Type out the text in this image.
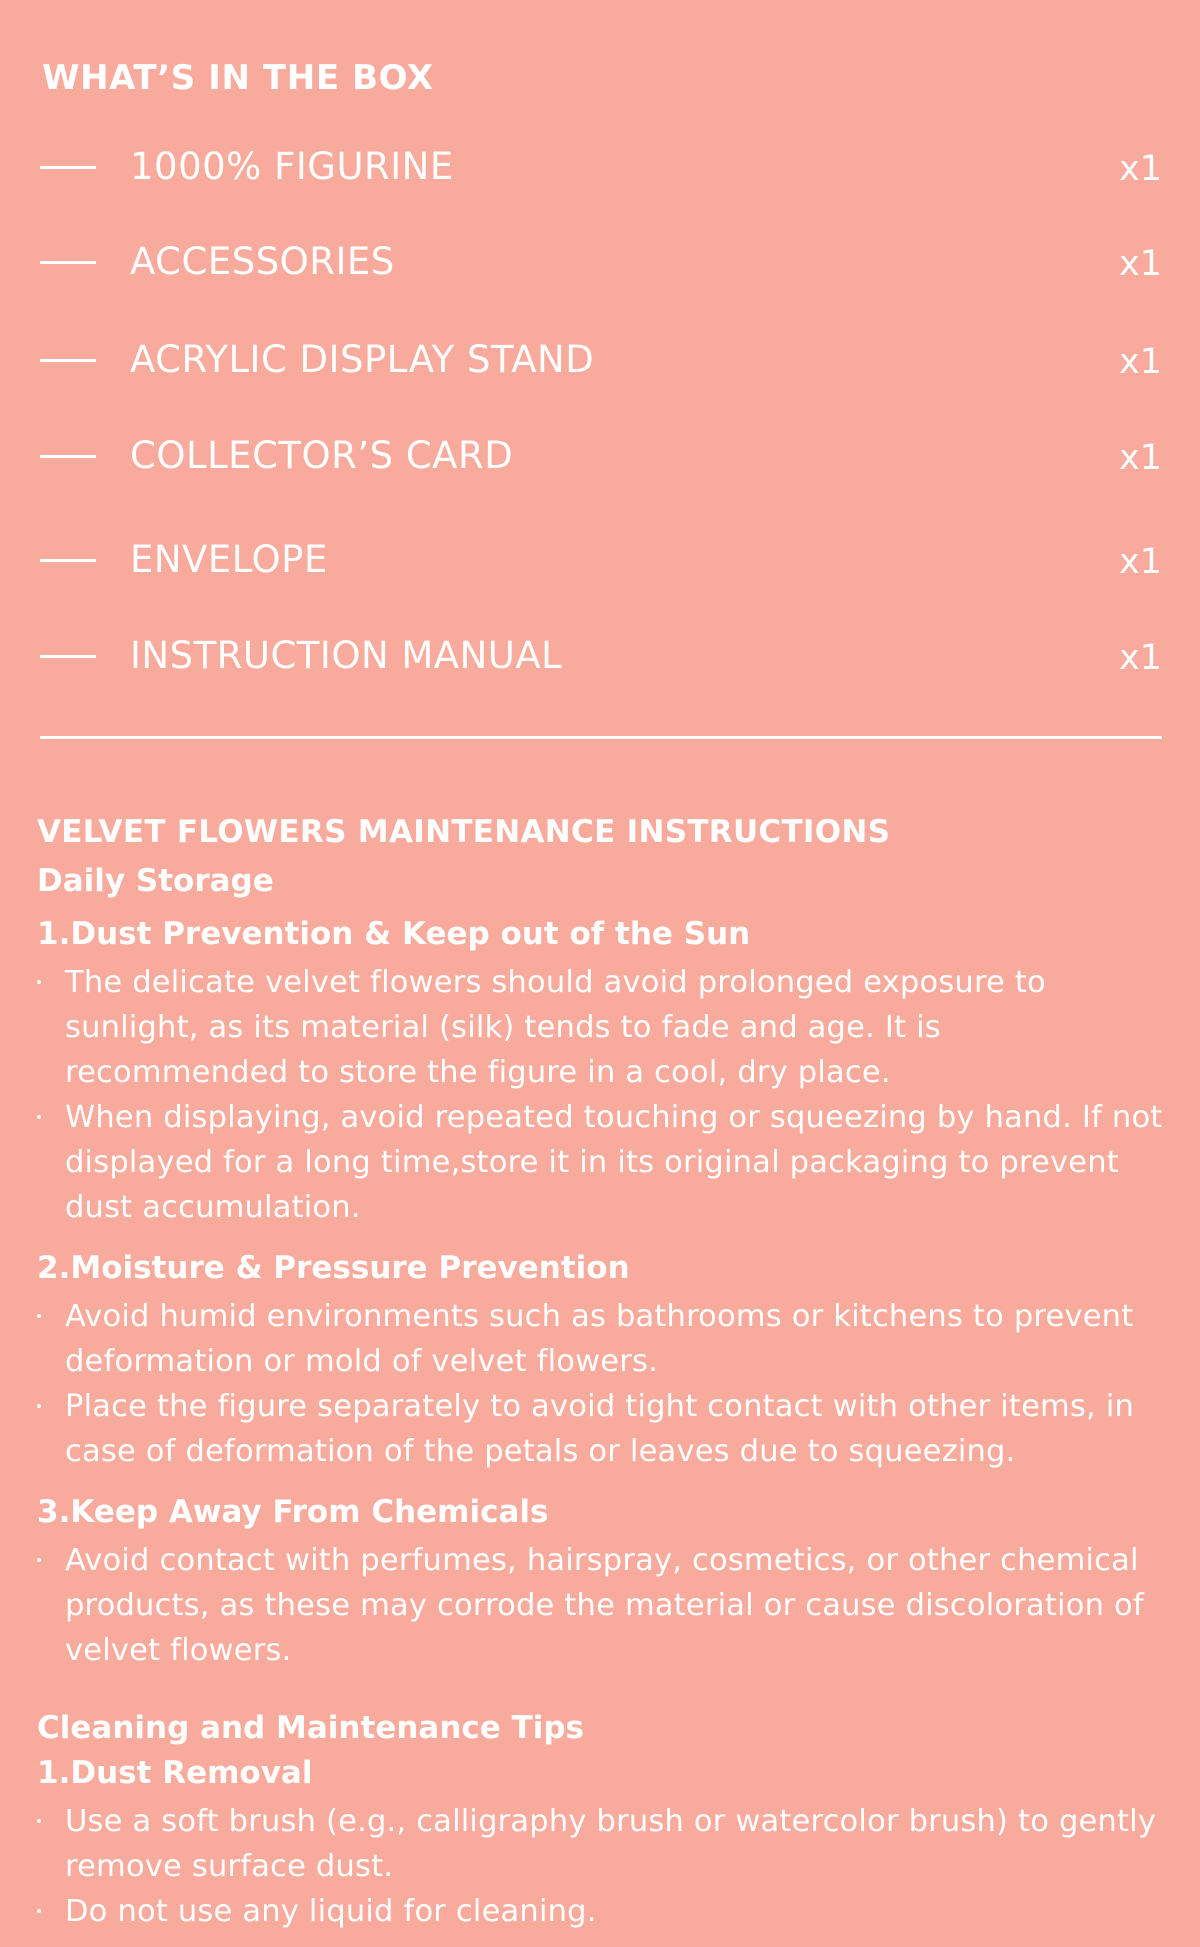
WHAT’S IN THE BOX
1000% FIGURINE	x1
ACCESSORIES	x1
ACRYLIC DISPLAY STAND	x1
COLLECTOR’S CARD	x1
ENVELOPE	x1
INSTRUCTION MANUAL	x1
VELVET FLOWERS MAINTENANCE INSTRUCTIONS
Daily Storage
1.Dust Prevention & Keep out of the Sun
The delicate velvet flowers should avoid prolonged exposure to sunlight, as its material (silk) tends to fade and age. It is recommended to store the figure in a cool, dry place.
When displaying, avoid repeated touching or squeezing by hand. If not displayed for a long time,store it in its original packaging to prevent dust accumulation.
2.Moisture & Pressure Prevention
Avoid humid environments such as bathrooms or kitchens to prevent deformation or mold of velvet flowers.
Place the figure separately to avoid tight contact with other items, in case of deformation of the petals or leaves due to squeezing.
3.Keep Away From Chemicals
Avoid contact with perfumes, hairspray, cosmetics, or other chemical products, as these may corrode the material or cause discoloration of velvet flowers.
Cleaning and Maintenance Tips
1.Dust Removal
Use a soft brush (e.g., calligraphy brush or watercolor brush) to gently remove surface dust.
Do not use any liquid for cleaning.
